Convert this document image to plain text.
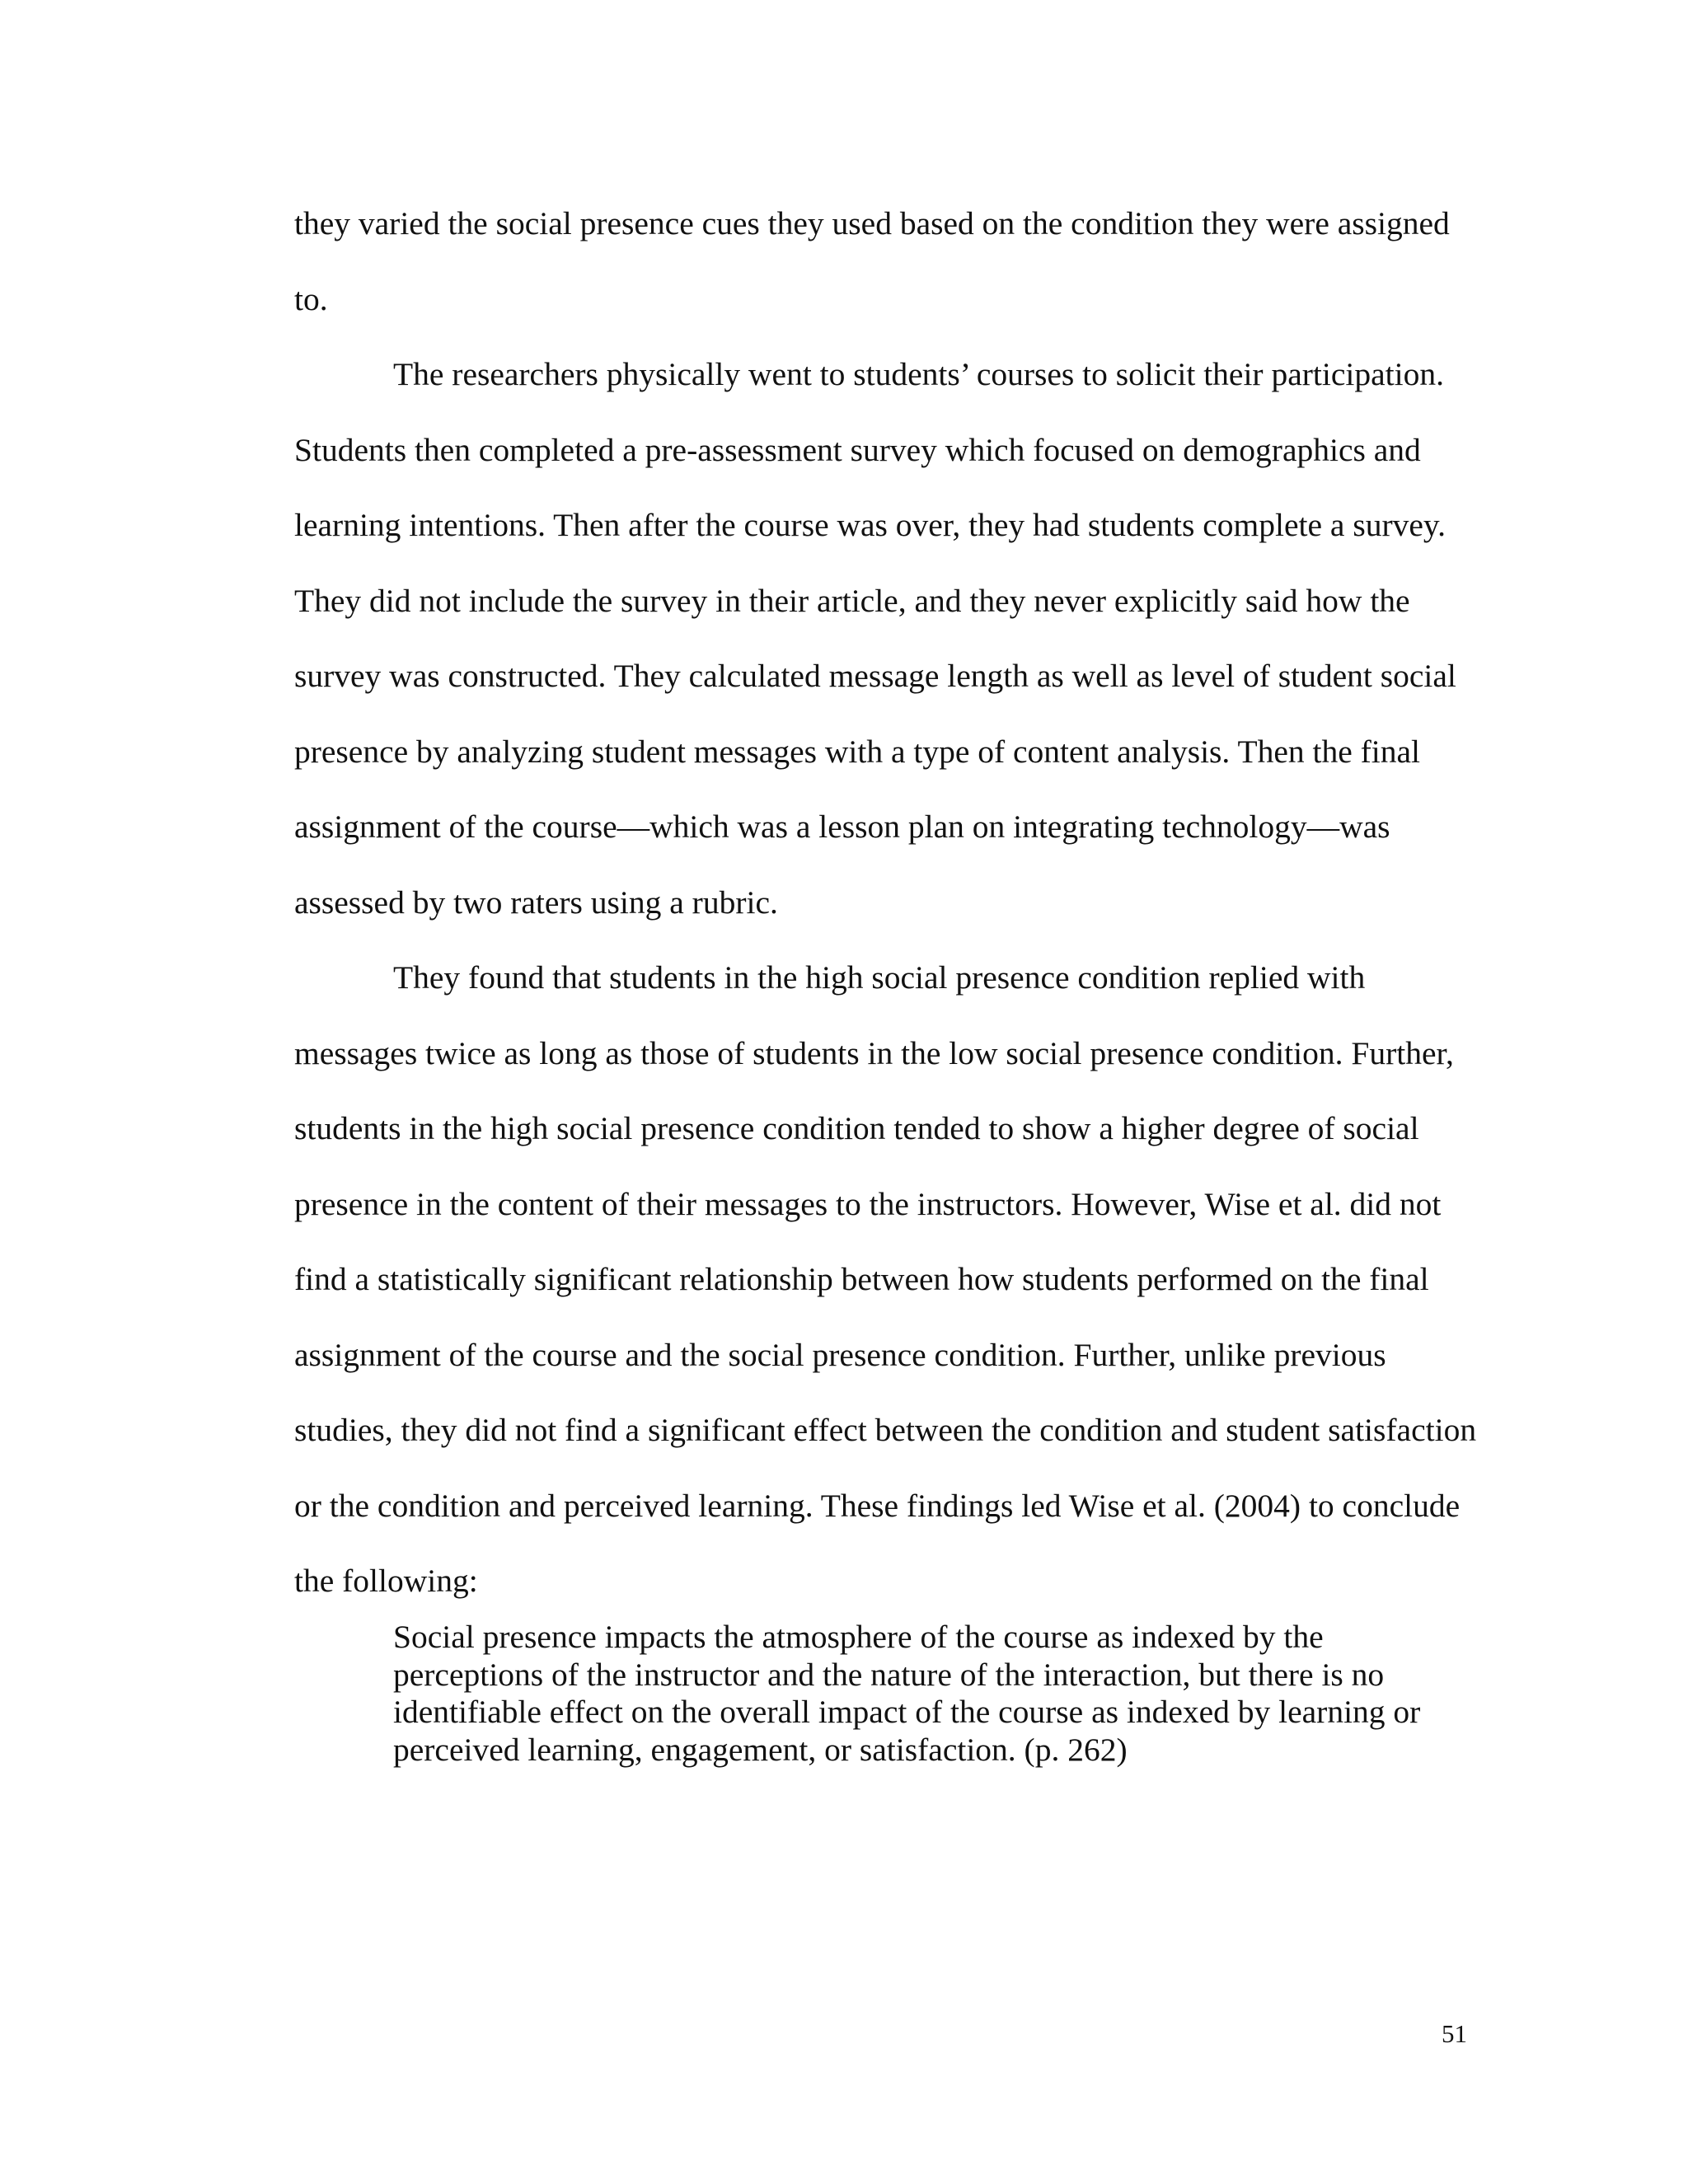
they varied the social presence cues they used based on the condition they were assigned to.

The researchers physically went to students’ courses to solicit their participation. Students then completed a pre-assessment survey which focused on demographics and learning intentions. Then after the course was over, they had students complete a survey. They did not include the survey in their article, and they never explicitly said how the survey was constructed. They calculated message length as well as level of student social presence by analyzing student messages with a type of content analysis. Then the final assignment of the course—which was a lesson plan on integrating technology—was assessed by two raters using a rubric.

They found that students in the high social presence condition replied with messages twice as long as those of students in the low social presence condition. Further, students in the high social presence condition tended to show a higher degree of social presence in the content of their messages to the instructors. However, Wise et al. did not find a statistically significant relationship between how students performed on the final assignment of the course and the social presence condition. Further, unlike previous studies, they did not find a significant effect between the condition and student satisfaction or the condition and perceived learning. These findings led Wise et al. (2004) to conclude the following:

Social presence impacts the atmosphere of the course as indexed by the perceptions of the instructor and the nature of the interaction, but there is no identifiable effect on the overall impact of the course as indexed by learning or perceived learning, engagement, or satisfaction. (p. 262)

51
